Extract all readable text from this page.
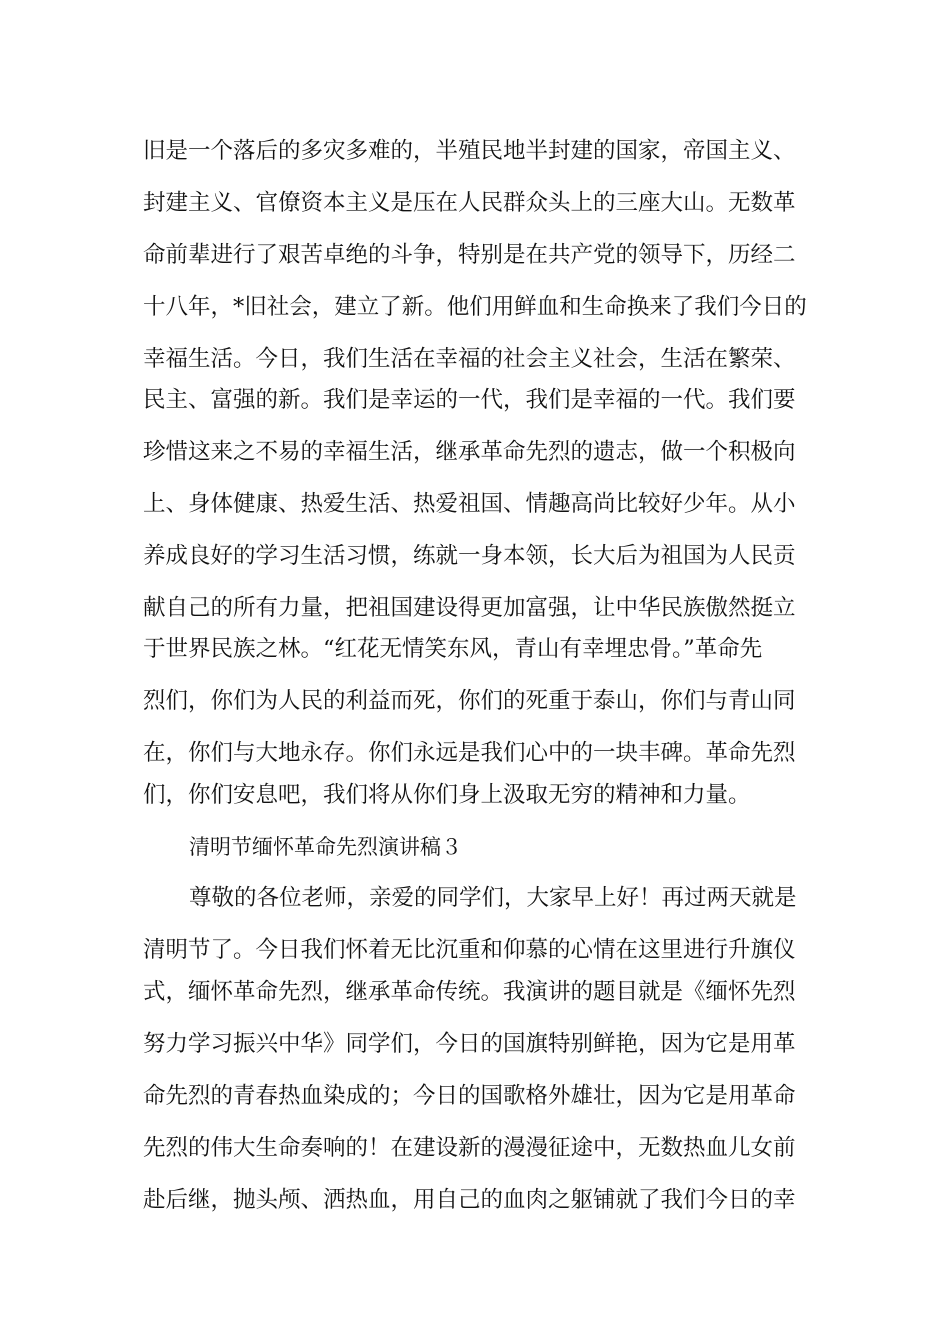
旧是一个落后的多灾多难的，半殖民地半封建的国家，帝国主义、
封建主义、官僚资本主义是压在人民群众头上的三座大山。无数革
命前辈进行了艰苦卓绝的斗争，特别是在共产党的领导下，历经二
十八年，*旧社会，建立了新。他们用鲜血和生命换来了我们今日的
幸福生活。今日，我们生活在幸福的社会主义社会，生活在繁荣、
民主、富强的新。我们是幸运的一代，我们是幸福的一代。我们要
珍惜这来之不易的幸福生活，继承革命先烈的遗志，做一个积极向
上、身体健康、热爱生活、热爱祖国、情趣高尚比较好少年。从小
养成良好的学习生活习惯，练就一身本领，长大后为祖国为人民贡
献自己的所有力量，把祖国建设得更加富强，让中华民族傲然挺立
于世界民族之林。“红花无情笑东风，青山有幸埋忠骨。”革命先
烈们，你们为人民的利益而死，你们的死重于泰山，你们与青山同
在，你们与大地永存。你们永远是我们心中的一块丰碑。革命先烈
们，你们安息吧，我们将从你们身上汲取无穷的精神和力量。
清明节缅怀革命先烈演讲稿３
尊敬的各位老师，亲爱的同学们，大家早上好！再过两天就是
清明节了。今日我们怀着无比沉重和仰慕的心情在这里进行升旗仪
式，缅怀革命先烈，继承革命传统。我演讲的题目就是《缅怀先烈
努力学习振兴中华》同学们，今日的国旗特别鲜艳，因为它是用革
命先烈的青春热血染成的；今日的国歌格外雄壮，因为它是用革命
先烈的伟大生命奏响的！在建设新的漫漫征途中，无数热血儿女前
赴后继，抛头颅、洒热血，用自己的血肉之躯铺就了我们今日的幸
